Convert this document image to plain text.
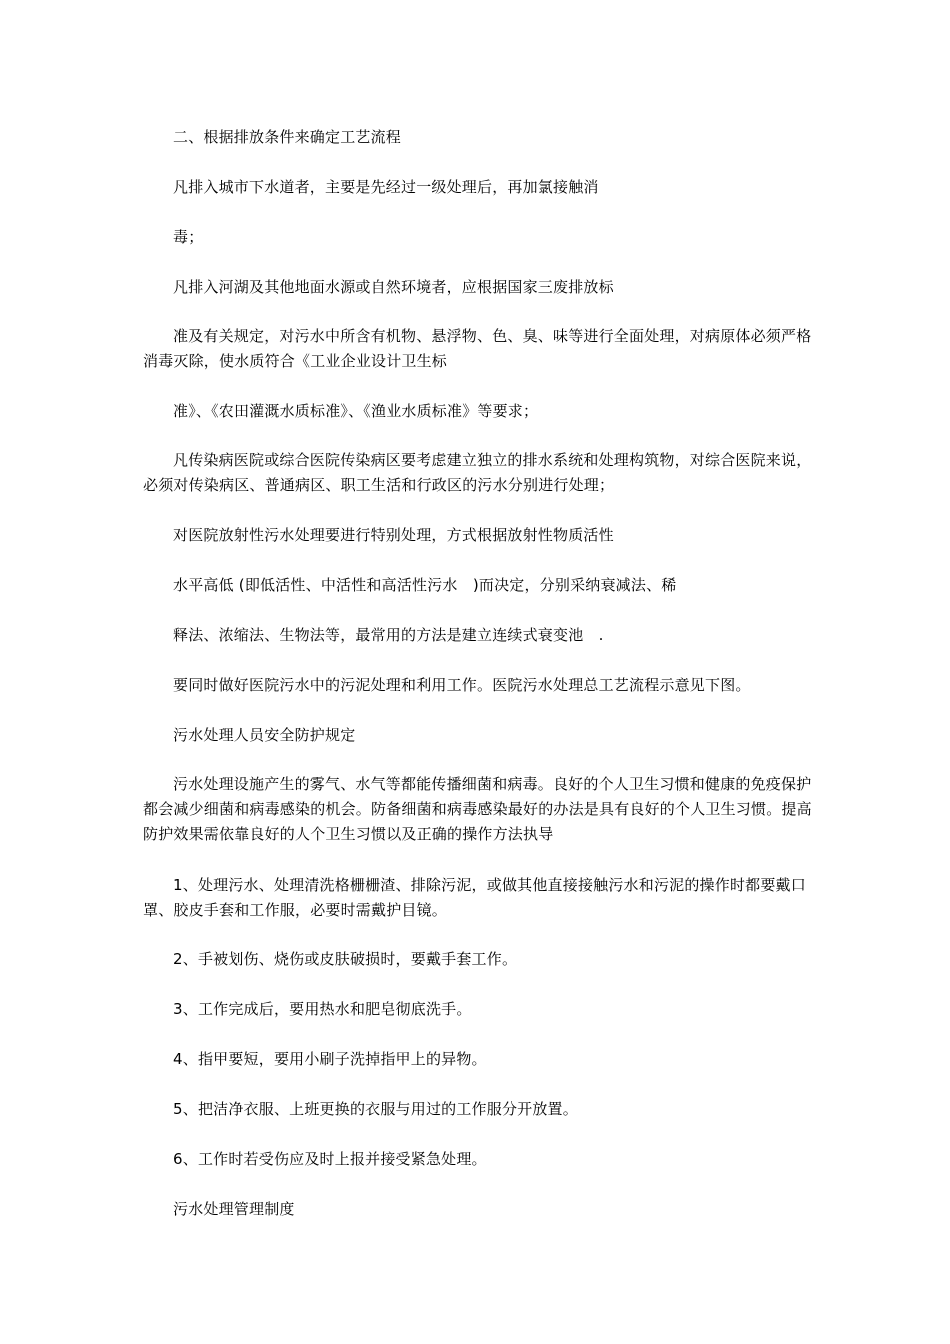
二、根据排放条件来确定工艺流程

凡排入城市下水道者，主要是先经过一级处理后，再加氯接触消

毒；

凡排入河湖及其他地面水源或自然环境者，应根据国家三废排放标

准及有关规定，对污水中所含有机物、悬浮物、色、臭、味等进行全面处理，对病原体必须严格消毒灭除，使水质符合《工业企业设计卫生标

准》、《农田灌溉水质标准》、《渔业水质标准》等要求；

凡传染病医院或综合医院传染病区要考虑建立独立的排水系统和处理构筑物，对综合医院来说，必须对传染病区、普通病区、职工生活和行政区的污水分别进行处理；

对医院放射性污水处理要进行特别处理，方式根据放射性物质活性

水平高低 (即低活性、中活性和高活性污水　)而决定，分别采纳衰减法、稀

释法、浓缩法、生物法等，最常用的方法是建立连续式衰变池　.

要同时做好医院污水中的污泥处理和利用工作。医院污水处理总工艺流程示意见下图。

污水处理人员安全防护规定

污水处理设施产生的雾气、水气等都能传播细菌和病毒。良好的个人卫生习惯和健康的免疫保护都会减少细菌和病毒感染的机会。防备细菌和病毒感染最好的办法是具有良好的个人卫生习惯。提高防护效果需依靠良好的人个卫生习惯以及正确的操作方法执导

1、处理污水、处理清洗格栅栅渣、排除污泥，或做其他直接接触污水和污泥的操作时都要戴口罩、胶皮手套和工作服，必要时需戴护目镜。

2、手被划伤、烧伤或皮肤破损时，要戴手套工作。

3、工作完成后，要用热水和肥皂彻底洗手。

4、指甲要短，要用小刷子洗掉指甲上的异物。

5、把洁净衣服、上班更换的衣服与用过的工作服分开放置。

6、工作时若受伤应及时上报并接受紧急处理。

污水处理管理制度
